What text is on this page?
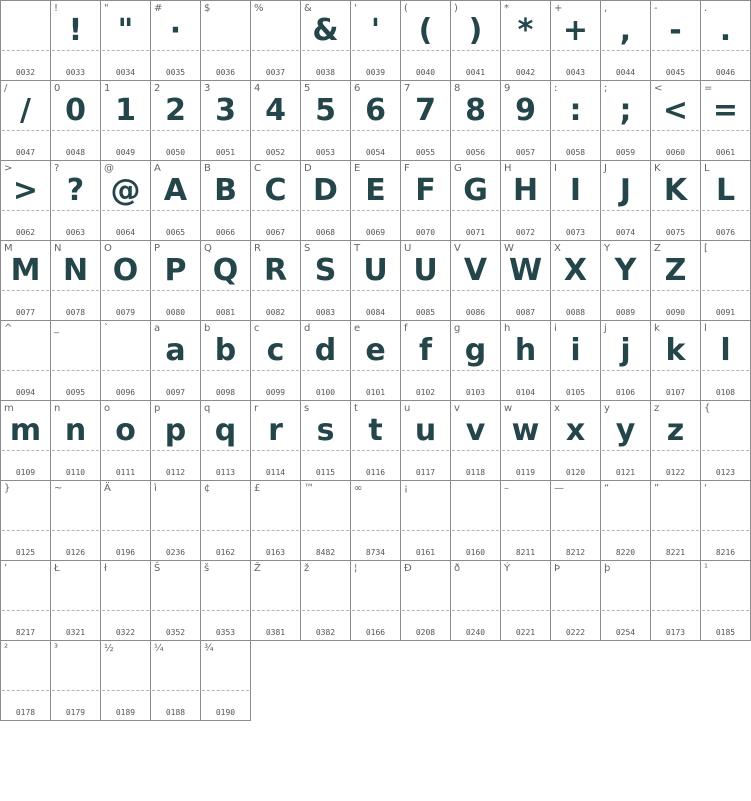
0032
!
!
0033
"
"
0034
#
·
0035
$
0036
%
0037
&
&
0038
'
'
0039
(
(
0040
)
)
0041
*
*
0042
+
+
0043
,
,
0044
-
-
0045
.
.
0046
/
/
0047
0
0
0048
1
1
0049
2
2
0050
3
3
0051
4
4
0052
5
5
0053
6
6
0054
7
7
0055
8
8
0056
9
9
0057
:
:
0058
;
;
0059
<
<
0060
=
=
0061
>
>
0062
?
?
0063
@
@
0064
A
A
0065
B
B
0066
C
C
0067
D
D
0068
E
E
0069
F
F
0070
G
G
0071
H
H
0072
I
I
0073
J
J
0074
K
K
0075
L
L
0076
M
M
0077
N
N
0078
O
O
0079
P
P
0080
Q
Q
0081
R
R
0082
S
S
0083
T
U
0084
U
U
0085
V
V
0086
W
W
0087
X
X
0088
Y
Y
0089
Z
Z
0090
[
0091
^
0094
_
0095
`
0096
a
a
0097
b
b
0098
c
c
0099
d
d
0100
e
e
0101
f
f
0102
g
g
0103
h
h
0104
i
i
0105
j
j
0106
k
k
0107
l
l
0108
m
m
0109
n
n
0110
o
o
0111
p
p
0112
q
q
0113
r
r
0114
s
s
0115
t
t
0116
u
u
0117
v
v
0118
w
w
0119
x
x
0120
y
y
0121
z
z
0122
{
0123
}
0125
~
0126
Ä
0196
ì
0236
¢
0162
£
0163
™
8482
∞
8734
¡
0161	0160
–
8211
—
8212
“
8220
”
8221
‘
8216
’
8217
Ł
0321
ł
0322
Š
0352
š
0353
Ž
0381
ž
0382
¦
0166
Ð
0208
ð
0240
Ý
0221
Þ
0222
þ
0254	0173
¹
0185
²
0178
³
0179
½
0189
¼
0188
¾
0190
